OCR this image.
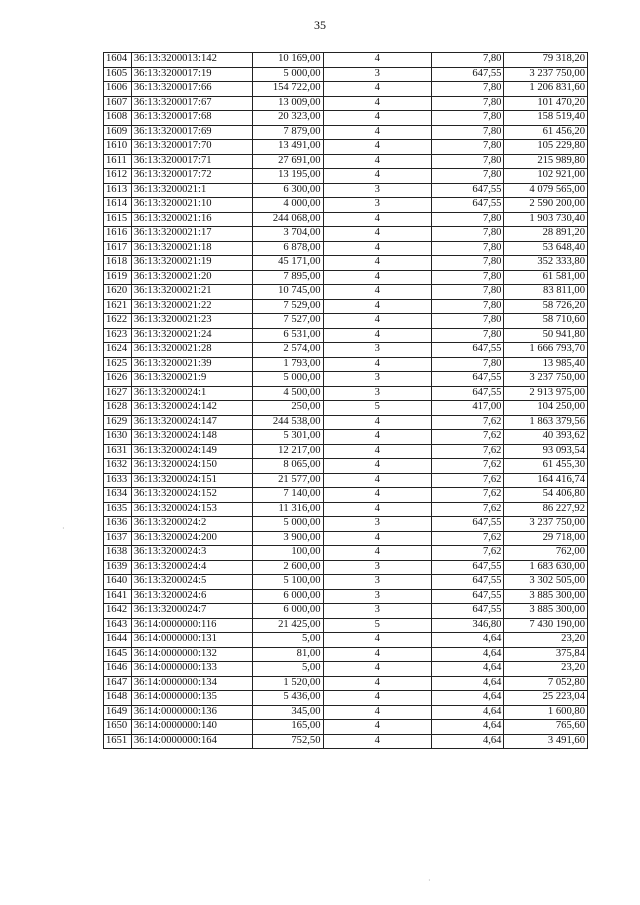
35
1604	36:13:3200013:142	10 169,00	4	7,80	79 318,20
1605	36:13:3200017:19	5 000,00	3	647,55	3 237 750,00
1606	36:13:3200017:66	154 722,00	4	7,80	1 206 831,60
1607	36:13:3200017:67	13 009,00	4	7,80	101 470,20
1608	36:13:3200017:68	20 323,00	4	7,80	158 519,40
1609	36:13:3200017:69	7 879,00	4	7,80	61 456,20
1610	36:13:3200017:70	13 491,00	4	7,80	105 229,80
1611	36:13:3200017:71	27 691,00	4	7,80	215 989,80
1612	36:13:3200017:72	13 195,00	4	7,80	102 921,00
1613	36:13:3200021:1	6 300,00	3	647,55	4 079 565,00
1614	36:13:3200021:10	4 000,00	3	647,55	2 590 200,00
1615	36:13:3200021:16	244 068,00	4	7,80	1 903 730,40
1616	36:13:3200021:17	3 704,00	4	7,80	28 891,20
1617	36:13:3200021:18	6 878,00	4	7,80	53 648,40
1618	36:13:3200021:19	45 171,00	4	7,80	352 333,80
1619	36:13:3200021:20	7 895,00	4	7,80	61 581,00
1620	36:13:3200021:21	10 745,00	4	7,80	83 811,00
1621	36:13:3200021:22	7 529,00	4	7,80	58 726,20
1622	36:13:3200021:23	7 527,00	4	7,80	58 710,60
1623	36:13:3200021:24	6 531,00	4	7,80	50 941,80
1624	36:13:3200021:28	2 574,00	3	647,55	1 666 793,70
1625	36:13:3200021:39	1 793,00	4	7,80	13 985,40
1626	36:13:3200021:9	5 000,00	3	647,55	3 237 750,00
1627	36:13:3200024:1	4 500,00	3	647,55	2 913 975,00
1628	36:13:3200024:142	250,00	5	417,00	104 250,00
1629	36:13:3200024:147	244 538,00	4	7,62	1 863 379,56
1630	36:13:3200024:148	5 301,00	4	7,62	40 393,62
1631	36:13:3200024:149	12 217,00	4	7,62	93 093,54
1632	36:13:3200024:150	8 065,00	4	7,62	61 455,30
1633	36:13:3200024:151	21 577,00	4	7,62	164 416,74
1634	36:13:3200024:152	7 140,00	4	7,62	54 406,80
1635	36:13:3200024:153	11 316,00	4	7,62	86 227,92
1636	36:13:3200024:2	5 000,00	3	647,55	3 237 750,00
1637	36:13:3200024:200	3 900,00	4	7,62	29 718,00
1638	36:13:3200024:3	100,00	4	7,62	762,00
1639	36:13:3200024:4	2 600,00	3	647,55	1 683 630,00
1640	36:13:3200024:5	5 100,00	3	647,55	3 302 505,00
1641	36:13:3200024:6	6 000,00	3	647,55	3 885 300,00
1642	36:13:3200024:7	6 000,00	3	647,55	3 885 300,00
1643	36:14:0000000:116	21 425,00	5	346,80	7 430 190,00
1644	36:14:0000000:131	5,00	4	4,64	23,20
1645	36:14:0000000:132	81,00	4	4,64	375,84
1646	36:14:0000000:133	5,00	4	4,64	23,20
1647	36:14:0000000:134	1 520,00	4	4,64	7 052,80
1648	36:14:0000000:135	5 436,00	4	4,64	25 223,04
1649	36:14:0000000:136	345,00	4	4,64	1 600,80
1650	36:14:0000000:140	165,00	4	4,64	765,60
1651	36:14:0000000:164	752,50	4	4,64	3 491,60
·
·
